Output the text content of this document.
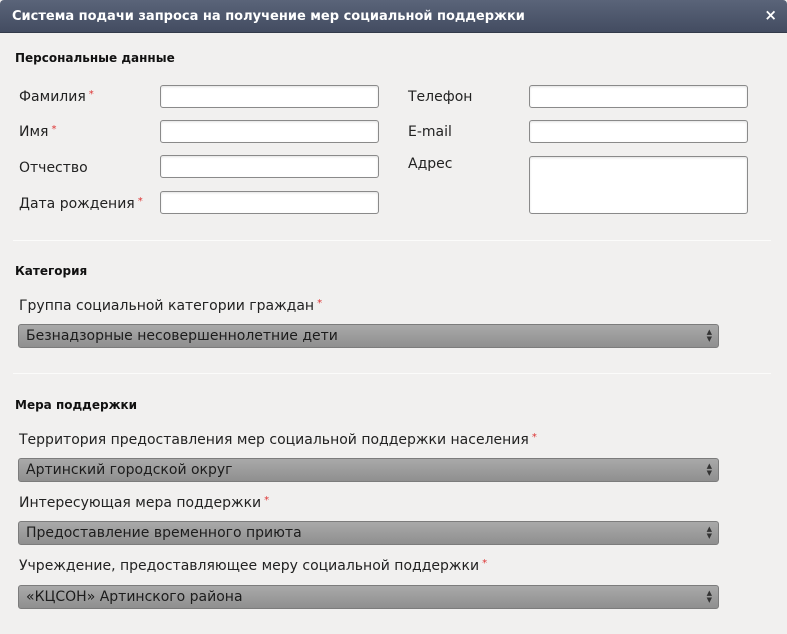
Система подачи запроса на получение мер социальной поддержки	×
Персональные данные
Фамилия *
Имя *
Отчество
Дата рождения *
Телефон
E-mail
Адрес
Категория
Группа социальной категории граждан *
Безнадзорные несовершеннолетние дети	▲
▼
Мера поддержки
Территория предоставления мер социальной поддержки населения *
Артинский городской округ	▲
▼
Интересующая мера поддержки *
Предоставление временного приюта	▲
▼
Учреждение, предоставляющее меру социальной поддержки *
«КЦСОН» Артинского района	▲
▼
